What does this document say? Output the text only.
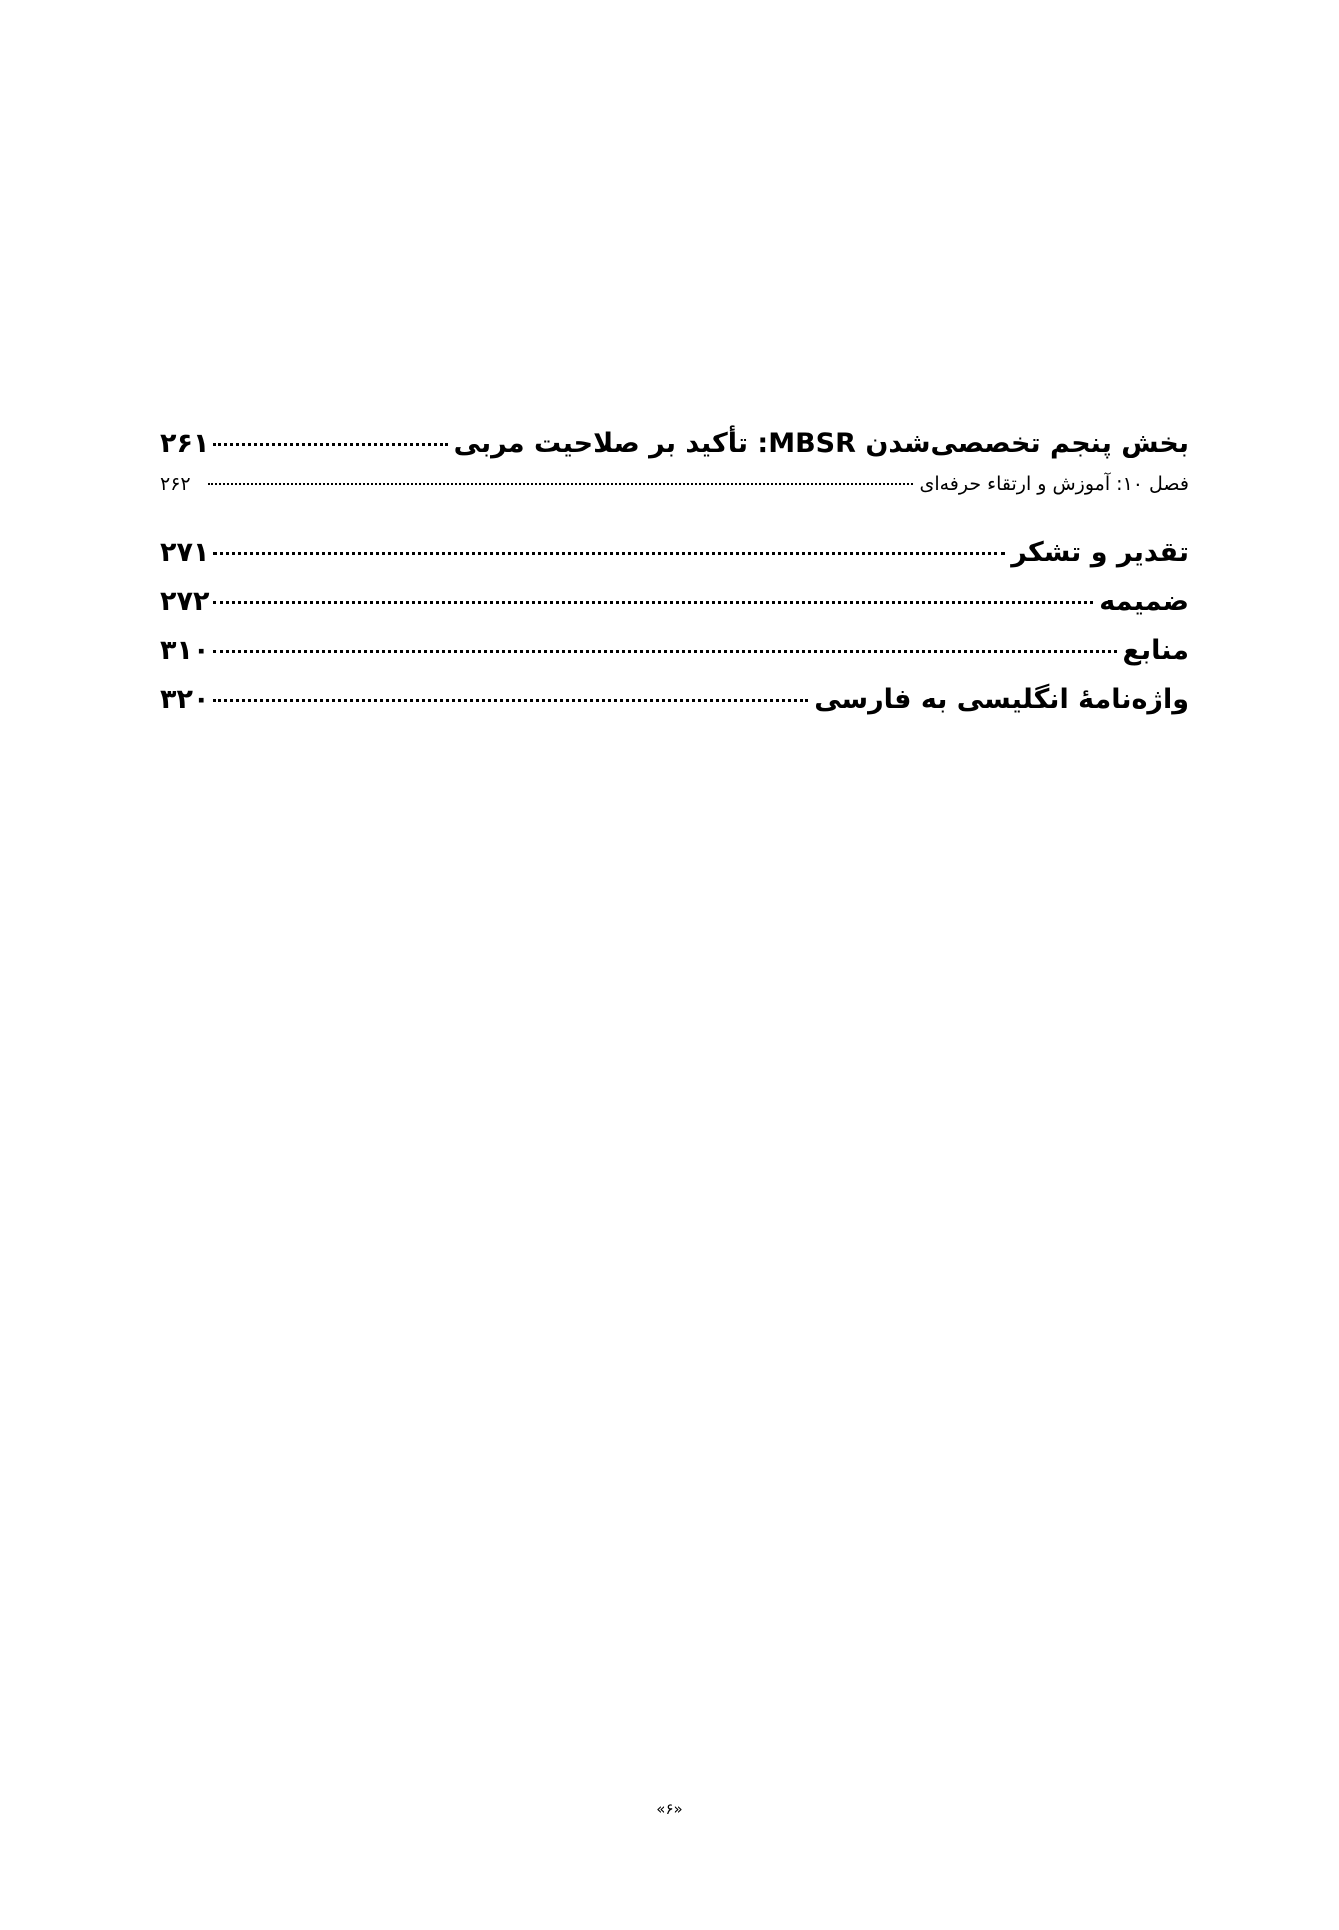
بخش پنجم تخصصی‌شدن MBSR: تأکید بر صلاحیت مربی
۲۶۱
فصل ۱۰: آموزش و ارتقاء حرفه‌ای
۲۶۲
تقدیر و تشکر
۲۷۱
ضمیمه
۲۷۲
منابع
۳۱۰
واژه‌نامۀ انگلیسی به فارسی
۳۲۰
«۶»
